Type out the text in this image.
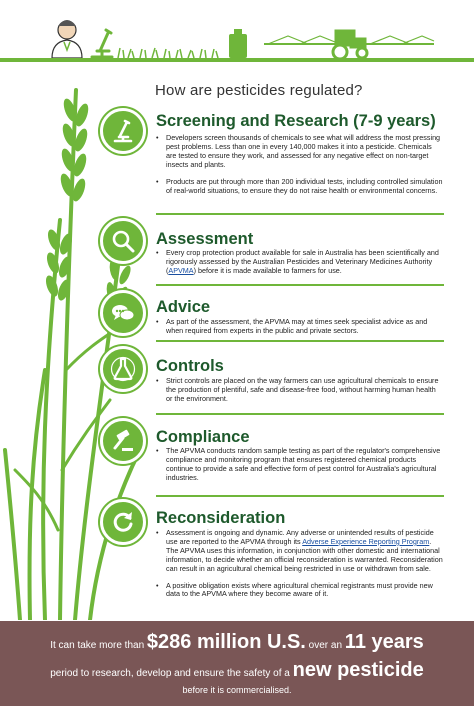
How are pesticides regulated?
Screening and Research (7-9 years)
• Developers screen thousands of chemicals to see what will address the most pressing pest problems. Less than one in every 140,000 makes it into a pesticide. Chemicals are tested to ensure they work, and assessed for any negative effect on non-target insects and plants.
• Products are put through more than 200 individual tests, including controlled simulation of real-world situations, to ensure they do not raise health or environmental concerns.
Assessment
• Every crop protection product available for sale in Australia has been scientifically and rigorously assessed by the Australian Pesticides and Veterinary Medicines Authority (APVMA) before it is made available to farmers for use.
Advice
• As part of the assessment, the APVMA may at times seek specialist advice as and when required from experts in the public and private sectors.
Controls
• Strict controls are placed on the way farmers can use agricultural chemicals to ensure the production of plentiful, safe and disease-free food, without harming human health or the environment.
Compliance
• The APVMA conducts random sample testing as part of the regulator's comprehensive compliance and monitoring program that ensures registered chemical products continue to provide a safe and effective form of pest control for Australia's agricultural industries.
Reconsideration
• Assessment is ongoing and dynamic. Any adverse or unintended results of pesticide use are reported to the APVMA through its Adverse Experience Reporting Program. The APVMA uses this information, in conjunction with other domestic and international information, to decide whether an official reconsideration is warranted. Reconsideration can result in an agricultural chemical being restricted in use or withdrawn from sale.
• A positive obligation exists where agricultural chemical registrants must provide new data to the APVMA where they become aware of it.
It can take more than $286 million U.S. over an 11 years
period to research, develop and ensure the safety of a new pesticide
before it is commercialised.
